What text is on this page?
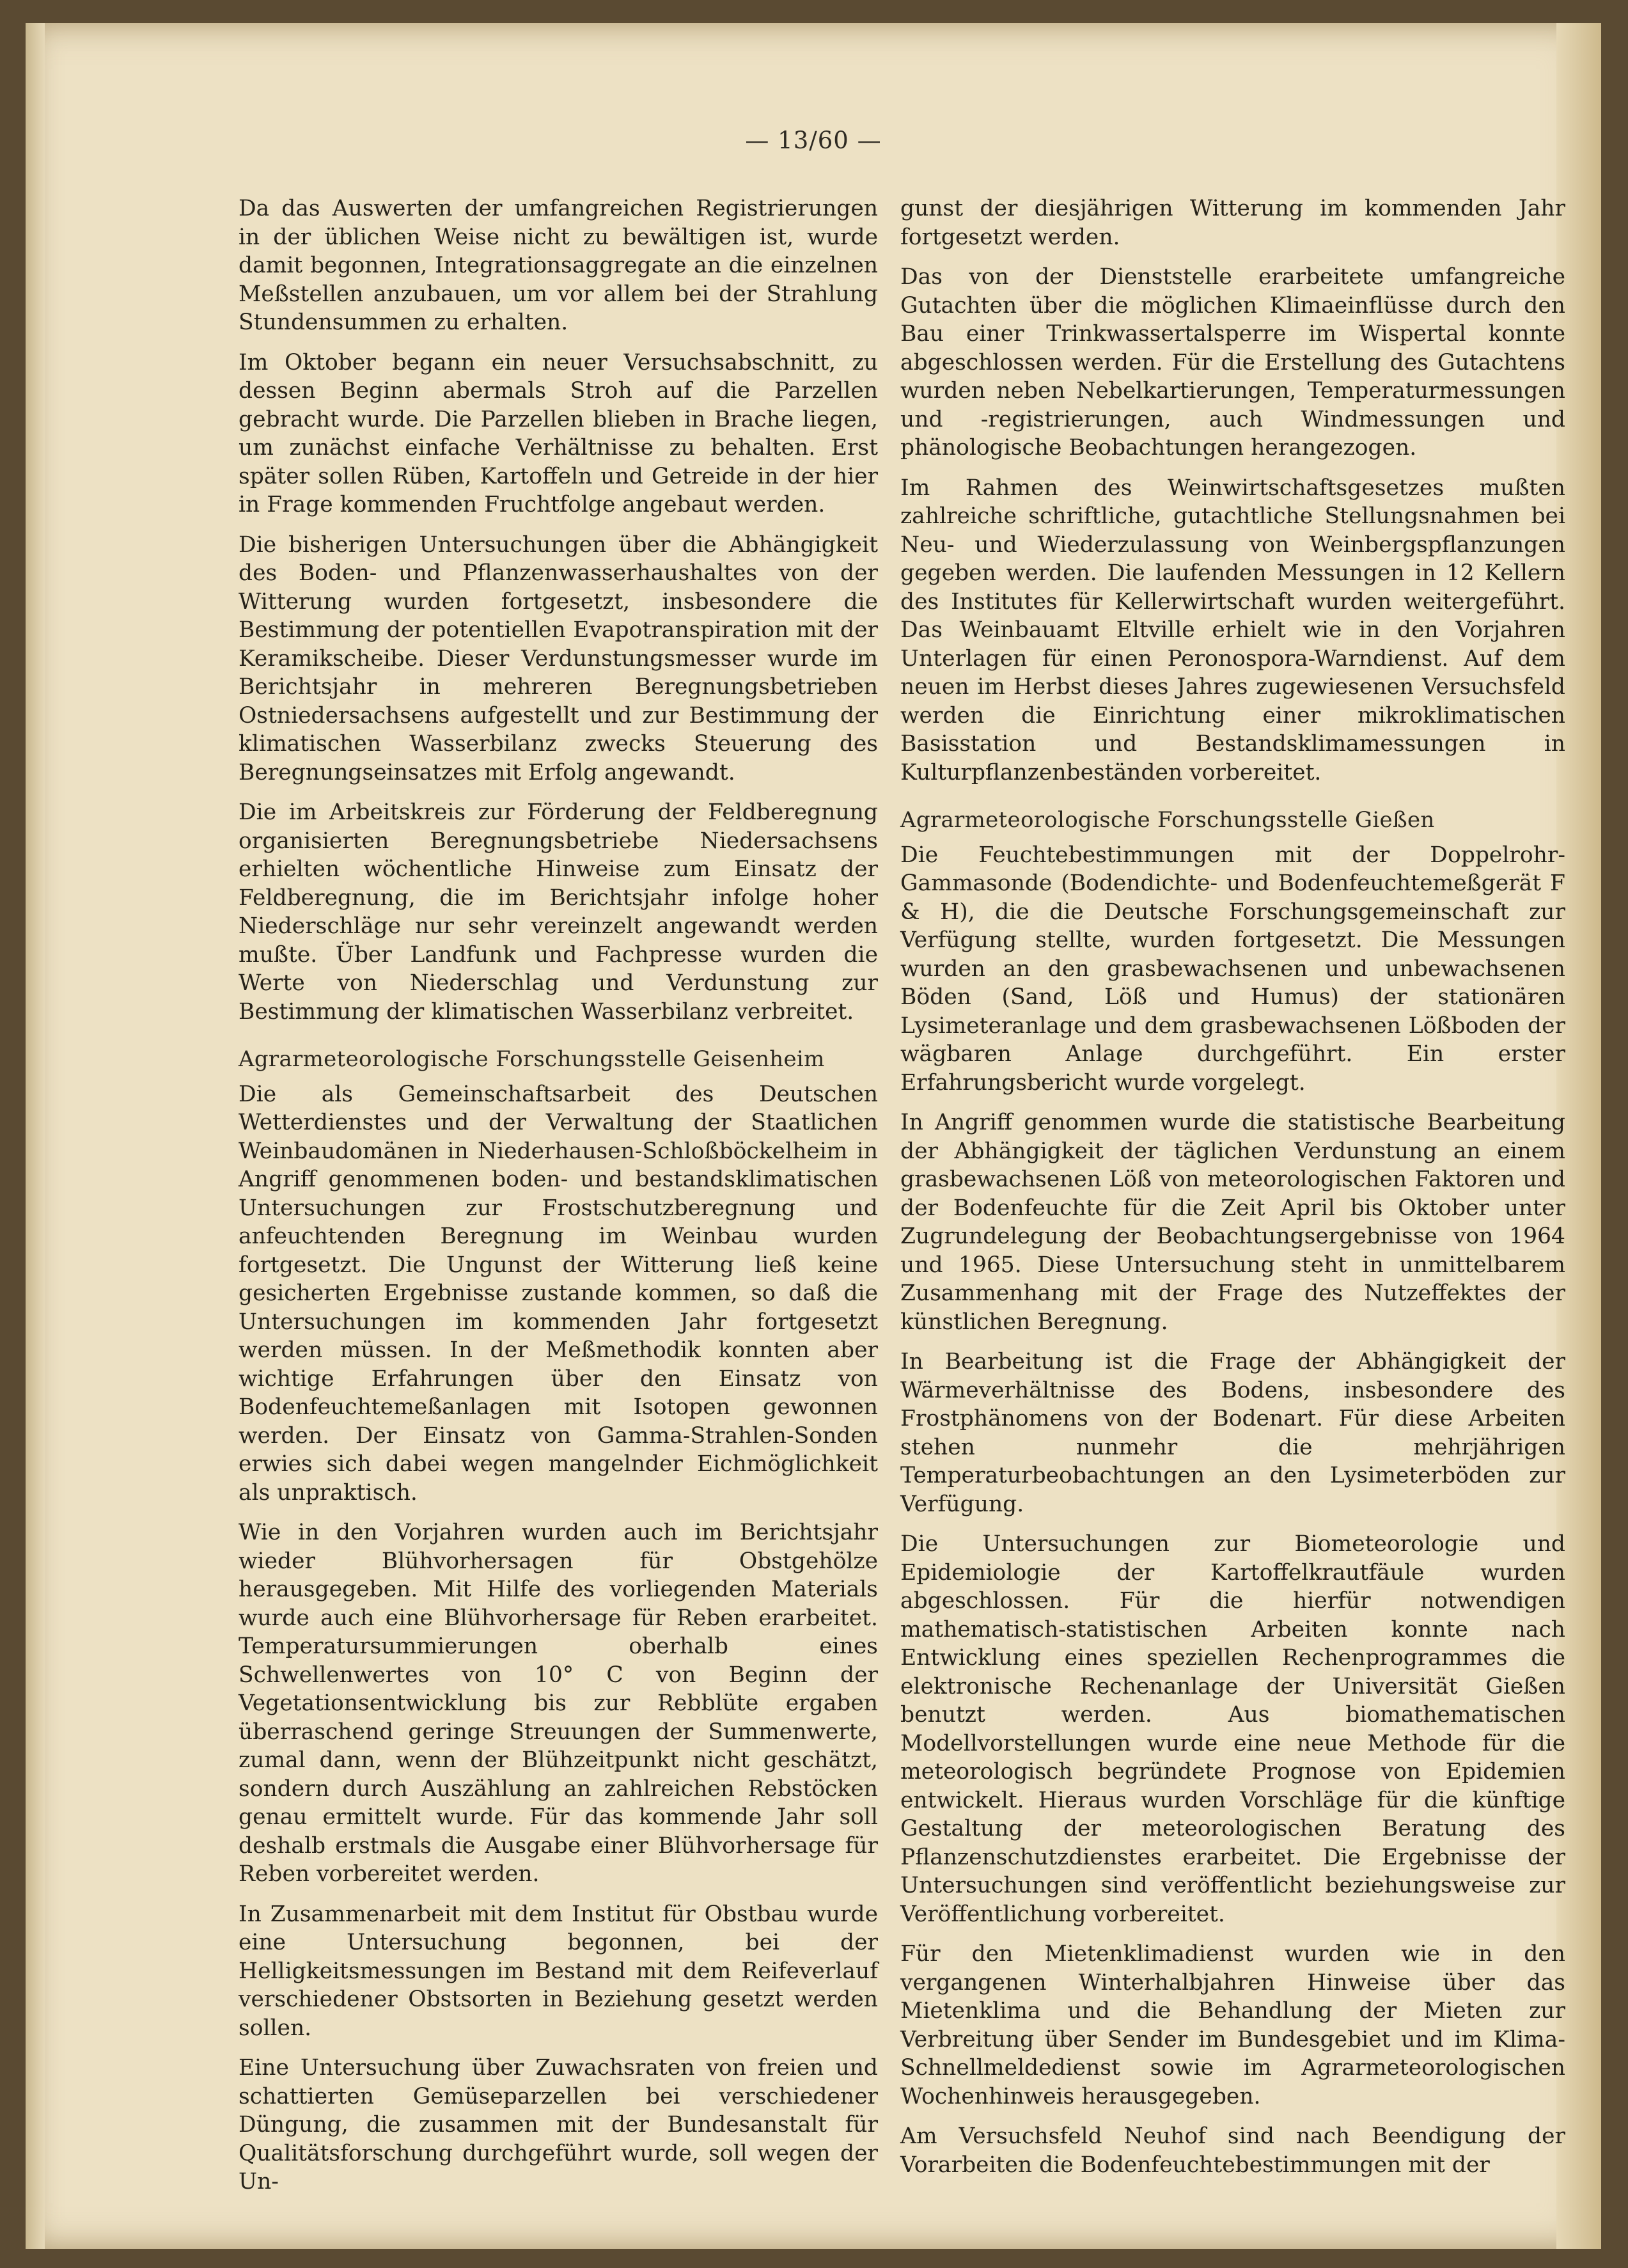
— 13/60 —

Da das Auswerten der umfangreichen Registrierungen in der üblichen Weise nicht zu bewältigen ist, wurde damit begonnen, Integrationsaggregate an die einzelnen Meßstellen anzubauen, um vor allem bei der Strahlung Stundensummen zu erhalten.

Im Oktober begann ein neuer Versuchsabschnitt, zu dessen Beginn abermals Stroh auf die Parzellen gebracht wurde. Die Parzellen blieben in Brache liegen, um zunächst einfache Verhältnisse zu behalten. Erst später sollen Rüben, Kartoffeln und Getreide in der hier in Frage kommenden Fruchtfolge angebaut werden.

Die bisherigen Untersuchungen über die Abhängigkeit des Boden- und Pflanzenwasserhaushaltes von der Witterung wurden fortgesetzt, insbesondere die Bestimmung der potentiellen Evapotranspiration mit der Keramikscheibe. Dieser Verdunstungsmesser wurde im Berichtsjahr in mehreren Beregnungsbetrieben Ostniedersachsens aufgestellt und zur Bestimmung der klimatischen Wasserbilanz zwecks Steuerung des Beregnungseinsatzes mit Erfolg angewandt.

Die im Arbeitskreis zur Förderung der Feldberegnung organisierten Beregnungsbetriebe Niedersachsens erhielten wöchentliche Hinweise zum Einsatz der Feldberegnung, die im Berichtsjahr infolge hoher Niederschläge nur sehr vereinzelt angewandt werden mußte. Über Landfunk und Fachpresse wurden die Werte von Niederschlag und Verdunstung zur Bestimmung der klimatischen Wasserbilanz verbreitet.

Agrarmeteorologische Forschungsstelle Geisenheim

Die als Gemeinschaftsarbeit des Deutschen Wetterdienstes und der Verwaltung der Staatlichen Weinbaudomänen in Niederhausen-Schloßböckelheim in Angriff genommenen boden- und bestandsklimatischen Untersuchungen zur Frostschutzberegnung und anfeuchtenden Beregnung im Weinbau wurden fortgesetzt. Die Ungunst der Witterung ließ keine gesicherten Ergebnisse zustande kommen, so daß die Untersuchungen im kommenden Jahr fortgesetzt werden müssen. In der Meßmethodik konnten aber wichtige Erfahrungen über den Einsatz von Bodenfeuchtemeßanlagen mit Isotopen gewonnen werden. Der Einsatz von Gamma-Strahlen-Sonden erwies sich dabei wegen mangelnder Eichmöglichkeit als unpraktisch.

Wie in den Vorjahren wurden auch im Berichtsjahr wieder Blühvorhersagen für Obstgehölze herausgegeben. Mit Hilfe des vorliegenden Materials wurde auch eine Blühvorhersage für Reben erarbeitet. Temperatursummierungen oberhalb eines Schwellenwertes von 10° C von Beginn der Vegetationsentwicklung bis zur Rebblüte ergaben überraschend geringe Streuungen der Summenwerte, zumal dann, wenn der Blühzeitpunkt nicht geschätzt, sondern durch Auszählung an zahlreichen Rebstöcken genau ermittelt wurde. Für das kommende Jahr soll deshalb erstmals die Ausgabe einer Blühvorhersage für Reben vorbereitet werden.

In Zusammenarbeit mit dem Institut für Obstbau wurde eine Untersuchung begonnen, bei der Helligkeitsmessungen im Bestand mit dem Reifeverlauf verschiedener Obstsorten in Beziehung gesetzt werden sollen.

Eine Untersuchung über Zuwachsraten von freien und schattierten Gemüseparzellen bei verschiedener Düngung, die zusammen mit der Bundesanstalt für Qualitätsforschung durchgeführt wurde, soll wegen der Un-

gunst der diesjährigen Witterung im kommenden Jahr fortgesetzt werden.

Das von der Dienststelle erarbeitete umfangreiche Gutachten über die möglichen Klimaeinflüsse durch den Bau einer Trinkwassertalsperre im Wispertal konnte abgeschlossen werden. Für die Erstellung des Gutachtens wurden neben Nebelkartierungen, Temperaturmessungen und -registrierungen, auch Windmessungen und phänologische Beobachtungen herangezogen.

Im Rahmen des Weinwirtschaftsgesetzes mußten zahlreiche schriftliche, gutachtliche Stellungsnahmen bei Neu- und Wiederzulassung von Weinbergspflanzungen gegeben werden. Die laufenden Messungen in 12 Kellern des Institutes für Kellerwirtschaft wurden weitergeführt. Das Weinbauamt Eltville erhielt wie in den Vorjahren Unterlagen für einen Peronospora-Warndienst. Auf dem neuen im Herbst dieses Jahres zugewiesenen Versuchsfeld werden die Einrichtung einer mikroklimatischen Basisstation und Bestandsklimamessungen in Kulturpflanzenbeständen vorbereitet.

Agrarmeteorologische Forschungsstelle Gießen

Die Feuchtebestimmungen mit der Doppelrohr-Gammasonde (Bodendichte- und Bodenfeuchtemeßgerät F & H), die die Deutsche Forschungsgemeinschaft zur Verfügung stellte, wurden fortgesetzt. Die Messungen wurden an den grasbewachsenen und unbewachsenen Böden (Sand, Löß und Humus) der stationären Lysimeteranlage und dem grasbewachsenen Lößboden der wägbaren Anlage durchgeführt. Ein erster Erfahrungsbericht wurde vorgelegt.

In Angriff genommen wurde die statistische Bearbeitung der Abhängigkeit der täglichen Verdunstung an einem grasbewachsenen Löß von meteorologischen Faktoren und der Bodenfeuchte für die Zeit April bis Oktober unter Zugrundelegung der Beobachtungsergebnisse von 1964 und 1965. Diese Untersuchung steht in unmittelbarem Zusammenhang mit der Frage des Nutzeffektes der künstlichen Beregnung.

In Bearbeitung ist die Frage der Abhängigkeit der Wärmeverhältnisse des Bodens, insbesondere des Frostphänomens von der Bodenart. Für diese Arbeiten stehen nunmehr die mehrjährigen Temperaturbeobachtungen an den Lysimeterböden zur Verfügung.

Die Untersuchungen zur Biometeorologie und Epidemiologie der Kartoffelkrautfäule wurden abgeschlossen. Für die hierfür notwendigen mathematisch-statistischen Arbeiten konnte nach Entwicklung eines speziellen Rechenprogrammes die elektronische Rechenanlage der Universität Gießen benutzt werden. Aus biomathematischen Modellvorstellungen wurde eine neue Methode für die meteorologisch begründete Prognose von Epidemien entwickelt. Hieraus wurden Vorschläge für die künftige Gestaltung der meteorologischen Beratung des Pflanzenschutzdienstes erarbeitet. Die Ergebnisse der Untersuchungen sind veröffentlicht beziehungsweise zur Veröffentlichung vorbereitet.

Für den Mietenklimadienst wurden wie in den vergangenen Winterhalbjahren Hinweise über das Mietenklima und die Behandlung der Mieten zur Verbreitung über Sender im Bundesgebiet und im Klima-Schnellmeldedienst sowie im Agrarmeteorologischen Wochenhinweis herausgegeben.

Am Versuchsfeld Neuhof sind nach Beendigung der Vorarbeiten die Bodenfeuchtebestimmungen mit der
